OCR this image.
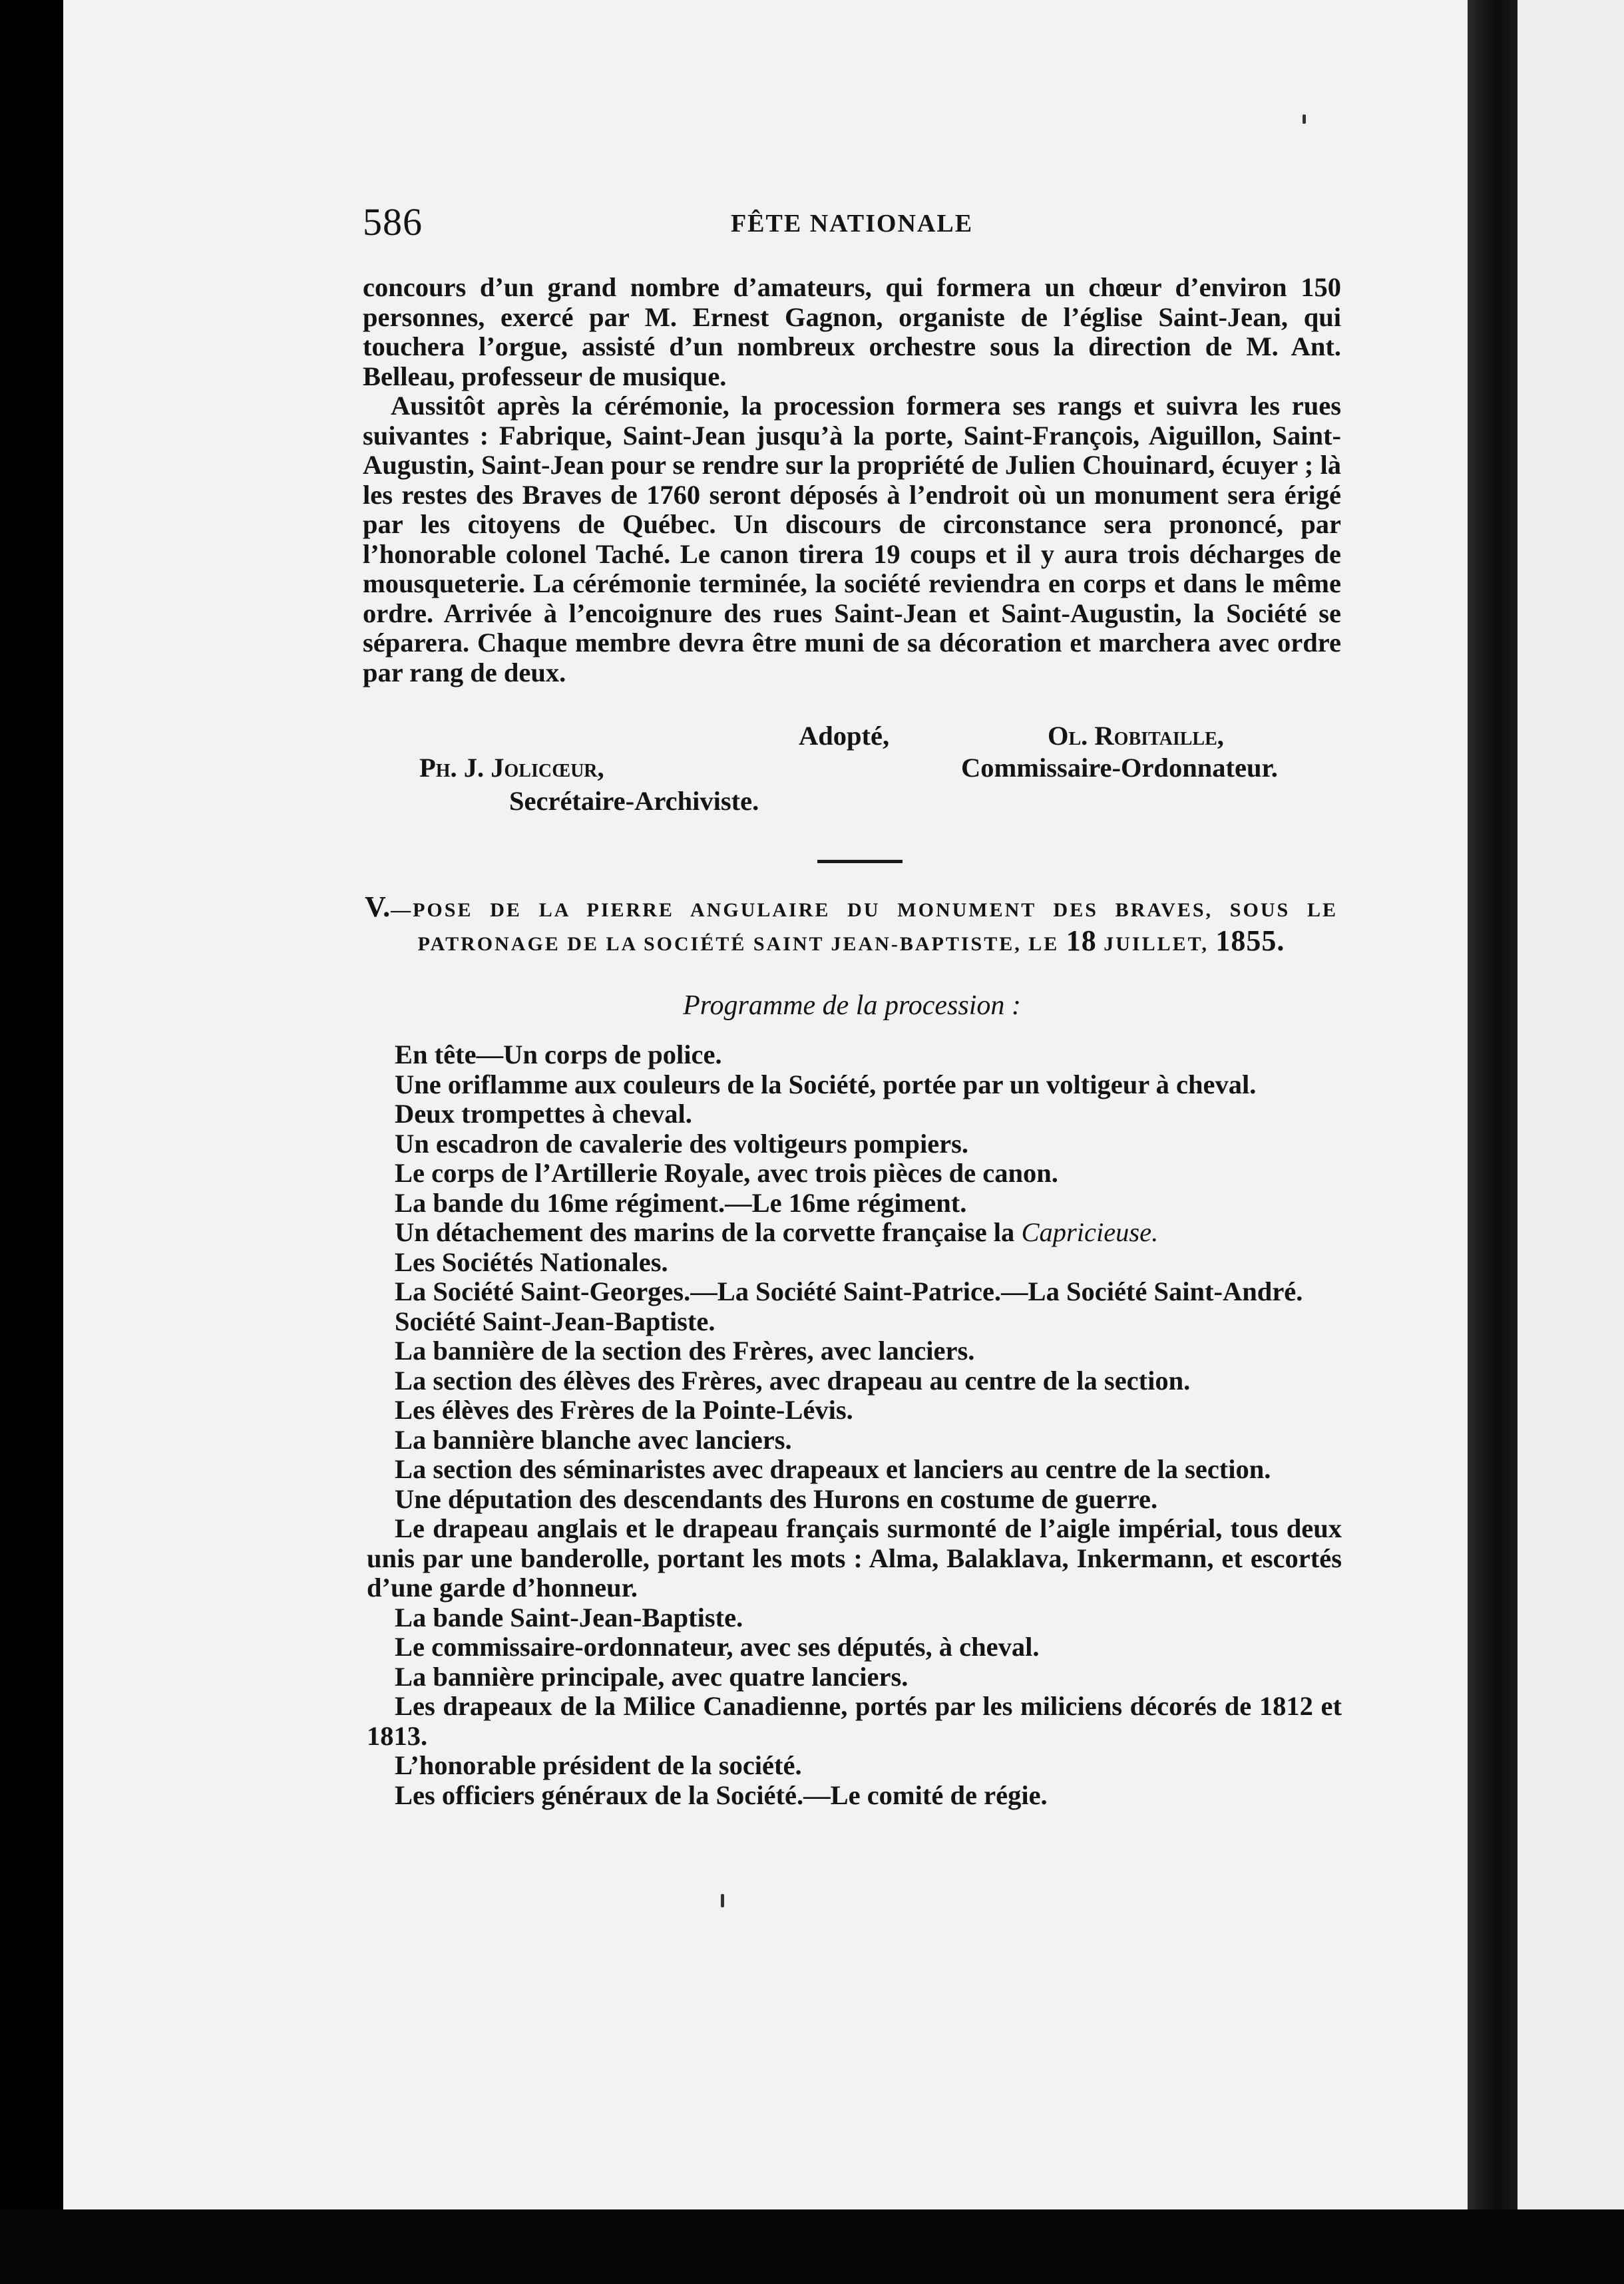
586	FÊTE NATIONALE

concours d’un grand nombre d’amateurs, qui formera un chœur d’environ 150 personnes, exercé par M. Ernest Gagnon, organiste de l’église Saint-Jean, qui touchera l’orgue, assisté d’un nombreux orchestre sous la direction de M. Ant. Belleau, professeur de musique.

Aussitôt après la cérémonie, la procession formera ses rangs et suivra les rues suivantes : Fabrique, Saint-Jean jusqu’à la porte, Saint-François, Aiguillon, Saint-Augustin, Saint-Jean pour se rendre sur la propriété de Julien Chouinard, écuyer ; là les restes des Braves de 1760 seront déposés à l’endroit où un monument sera érigé par les citoyens de Québec. Un discours de circonstance sera prononcé, par l’honorable colonel Taché. Le canon tirera 19 coups et il y aura trois décharges de mousqueterie. La cérémonie terminée, la société reviendra en corps et dans le même ordre. Arrivée à l’encoignure des rues Saint-Jean et Saint-Augustin, la Société se séparera. Chaque membre devra être muni de sa décoration et marchera avec ordre par rang de deux.

Adopté,	Ol. Robitaille,
Ph. J. Jolicœur,	Commissaire-Ordonnateur.
Secrétaire-Archiviste.
V.—POSE DE LA PIERRE ANGULAIRE DU MONUMENT DES BRAVES, SOUS LE
PATRONAGE DE LA SOCIÉTÉ SAINT JEAN-BAPTISTE, LE 18 JUILLET, 1855.
Programme de la procession :

En tête—Un corps de police.

Une oriflamme aux couleurs de la Société, portée par un voltigeur à cheval.

Deux trompettes à cheval.

Un escadron de cavalerie des voltigeurs pompiers.

Le corps de l’Artillerie Royale, avec trois pièces de canon.

La bande du 16me régiment.—Le 16me régiment.

Un détachement des marins de la corvette française la Capricieuse.

Les Sociétés Nationales.

La Société Saint-Georges.—La Société Saint-Patrice.—La Société Saint-André.

Société Saint-Jean-Baptiste.

La bannière de la section des Frères, avec lanciers.

La section des élèves des Frères, avec drapeau au centre de la section.

Les élèves des Frères de la Pointe-Lévis.

La bannière blanche avec lanciers.

La section des séminaristes avec drapeaux et lanciers au centre de la section.

Une députation des descendants des Hurons en costume de guerre.

Le drapeau anglais et le drapeau français surmonté de l’aigle impérial, tous deux unis par une banderolle, portant les mots : Alma, Balaklava, Inkermann, et escortés d’une garde d’honneur.

La bande Saint-Jean-Baptiste.

Le commissaire-ordonnateur, avec ses députés, à cheval.

La bannière principale, avec quatre lanciers.

Les drapeaux de la Milice Canadienne, portés par les miliciens décorés de 1812 et 1813.

L’honorable président de la société.

Les officiers généraux de la Société.—Le comité de régie.
